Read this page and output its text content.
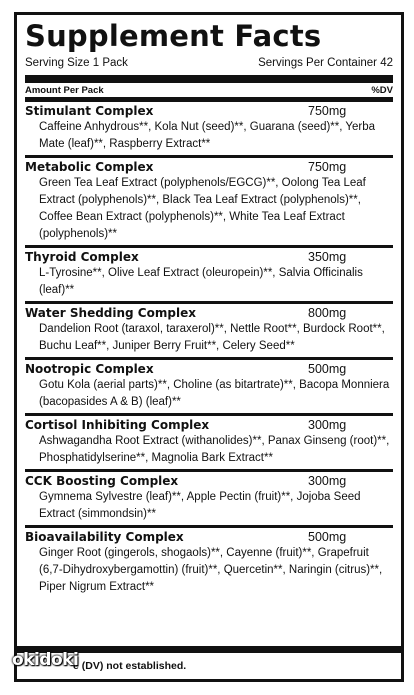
Supplement Facts
Serving Size 1 Pack	Servings Per Container 42
Amount Per Pack	%DV
Stimulant Complex	750mg
Caffeine Anhydrous**, Kola Nut (seed)**, Guarana (seed)**, Yerba Mate (leaf)**, Raspberry Extract**
Metabolic Complex	750mg
Green Tea Leaf Extract (polyphenols/EGCG)**, Oolong Tea Leaf Extract (polyphenols)**, Black Tea Leaf Extract (polyphenols)**, Coffee Bean Extract (polyphenols)**, White Tea Leaf Extract (polyphenols)**
Thyroid Complex	350mg
L-Tyrosine**, Olive Leaf Extract (oleuropein)**, Salvia Officinalis (leaf)**
Water Shedding Complex	800mg
Dandelion Root (taraxol, taraxerol)**, Nettle Root**, Burdock Root**, Buchu Leaf**, Juniper Berry Fruit**, Celery Seed**
Nootropic Complex	500mg
Gotu Kola (aerial parts)**, Choline (as bitartrate)**, Bacopa Monniera (bacopasides A & B) (leaf)**
Cortisol Inhibiting Complex	300mg
Ashwagandha Root Extract (withanolides)**, Panax Ginseng (root)**, Phosphatidylserine**, Magnolia Bark Extract**
CCK Boosting Complex	300mg
Gymnema Sylvestre (leaf)**, Apple Pectin (fruit)**, Jojoba Seed Extract (simmondsin)**
Bioavailability Complex	500mg
Ginger Root (gingerols, shogaols)**, Cayenne (fruit)**, Grapefruit (6,7-Dihydroxybergamottin) (fruit)**, Quercetin**, Naringin (citrus)**, Piper Nigrum Extract**
e (DV) not established.
okidoki
